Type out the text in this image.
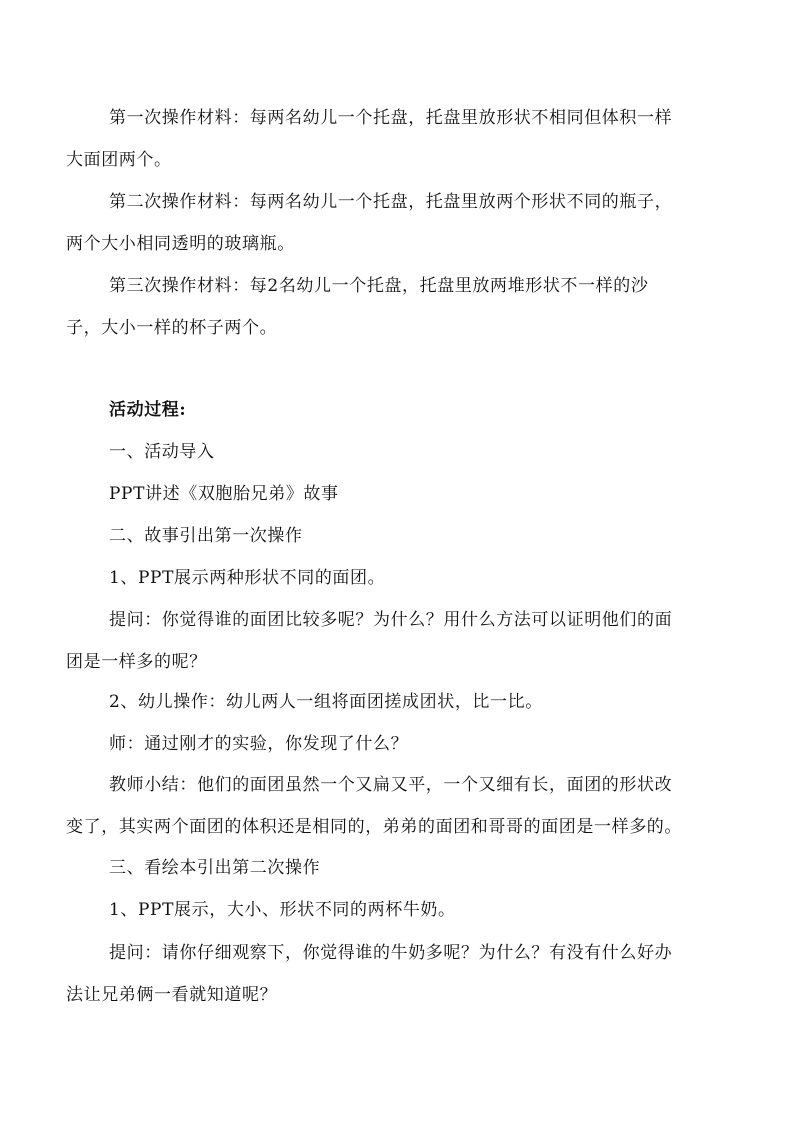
第一次操作材料：每两名幼儿一个托盘，托盘里放形状不相同但体积一样
大面团两个。
第二次操作材料：每两名幼儿一个托盘，托盘里放两个形状不同的瓶子，
两个大小相同透明的玻璃瓶。
第三次操作材料：每2名幼儿一个托盘，托盘里放两堆形状不一样的沙
子，大小一样的杯子两个。
活动过程:
一、活动导入
PPT讲述《双胞胎兄弟》故事
二、故事引出第一次操作
1、PPT展示两种形状不同的面团。
提问：你觉得谁的面团比较多呢？为什么？用什么方法可以证明他们的面
团是一样多的呢？
2、幼儿操作：幼儿两人一组将面团搓成团状，比一比。
师：通过刚才的实验，你发现了什么？
教师小结：他们的面团虽然一个又扁又平，一个又细有长，面团的形状改
变了，其实两个面团的体积还是相同的，弟弟的面团和哥哥的面团是一样多的。
三、看绘本引出第二次操作
1、PPT展示，大小、形状不同的两杯牛奶。
提问：请你仔细观察下，你觉得谁的牛奶多呢？为什么？有没有什么好办
法让兄弟俩一看就知道呢？
